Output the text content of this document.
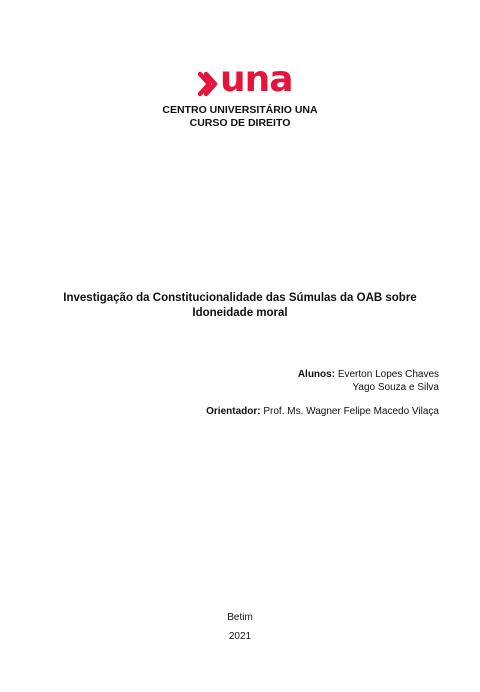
una
CENTRO UNIVERSITÁRIO UNA
CURSO DE DIREITO
Investigação da Constitucionalidade das Súmulas da OAB sobre
Idoneidade moral
Alunos: Everton Lopes Chaves
Yago Souza e Silva
Orientador: Prof. Ms. Wagner Felipe Macedo Vilaça
Betim
2021
